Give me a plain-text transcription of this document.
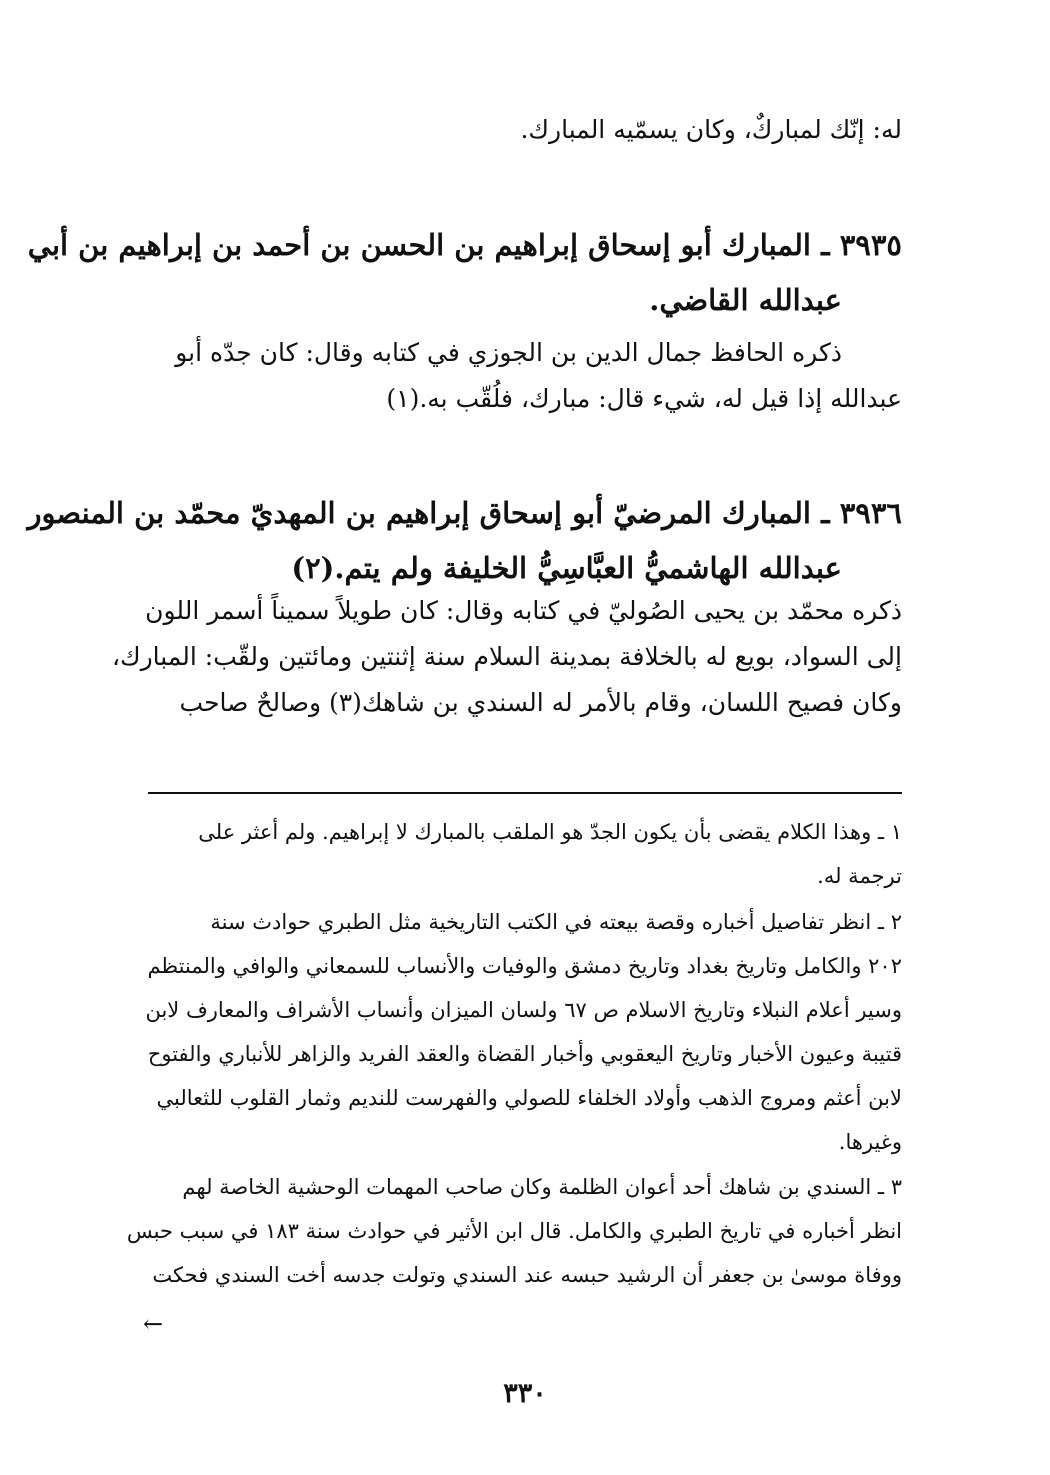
له: إنّك لمباركٌ، وكان يسمّيه المبارك.

٣٩٣٥ ـ المبارك أبو إسحاق إبراهيم بن الحسن بن أحمد بن إبراهيم بن أبي
عبدالله القاضي.
ذكره الحافظ جمال الدين بن الجوزي في كتابه وقال: كان جدّه أبو
عبدالله إذا قيل له، شيء قال: مبارك، فلُقّب به.(١)
٣٩٣٦ ـ المبارك المرضيّ أبو إسحاق إبراهيم بن المهديّ محمّد بن المنصور
عبدالله الهاشميُّ العبَّاسِيُّ الخليفة ولم يتم.(٢)
ذكره محمّد بن يحيى الصُوليّ في كتابه وقال: كان طويلاً سميناً أسمر اللون
إلى السواد، بويع له بالخلافة بمدينة السلام سنة إثنتين ومائتين ولقّب: المبارك،
وكان فصيح اللسان، وقام بالأمر له السندي بن شاهك(٣) وصالحٌ صاحب
١ ـ وهذا الكلام يقضى بأن يكون الجدّ هو الملقب بالمبارك لا إبراهيم. ولم أعثر على
ترجمة له.
٢ ـ انظر تفاصيل أخباره وقصة بيعته في الكتب التاريخية مثل الطبري حوادث سنة
٢٠٢ والكامل وتاريخ بغداد وتاريخ دمشق والوفيات والأنساب للسمعاني والوافي والمنتظم
وسير أعلام النبلاء وتاريخ الاسلام ص ٦٧ ولسان الميزان وأنساب الأشراف والمعارف لابن
قتيبة وعيون الأخبار وتاريخ اليعقوبي وأخبار القضاة والعقد الفريد والزاهر للأنباري والفتوح
لابن أعثم ومروج الذهب وأولاد الخلفاء للصولي والفهرست للنديم وثمار القلوب للثعالبي
وغيرها.
٣ ـ السندي بن شاهك أحد أعوان الظلمة وكان صاحب المهمات الوحشية الخاصة لهم
انظر أخباره في تاريخ الطبري والكامل. قال ابن الأثير في حوادث سنة ١٨٣ في سبب حبس
ووفاة موسىٰ بن جعفر أن الرشيد حبسه عند السندي وتولت جدسه أخت السندي فحكت
←
٣٣٠
